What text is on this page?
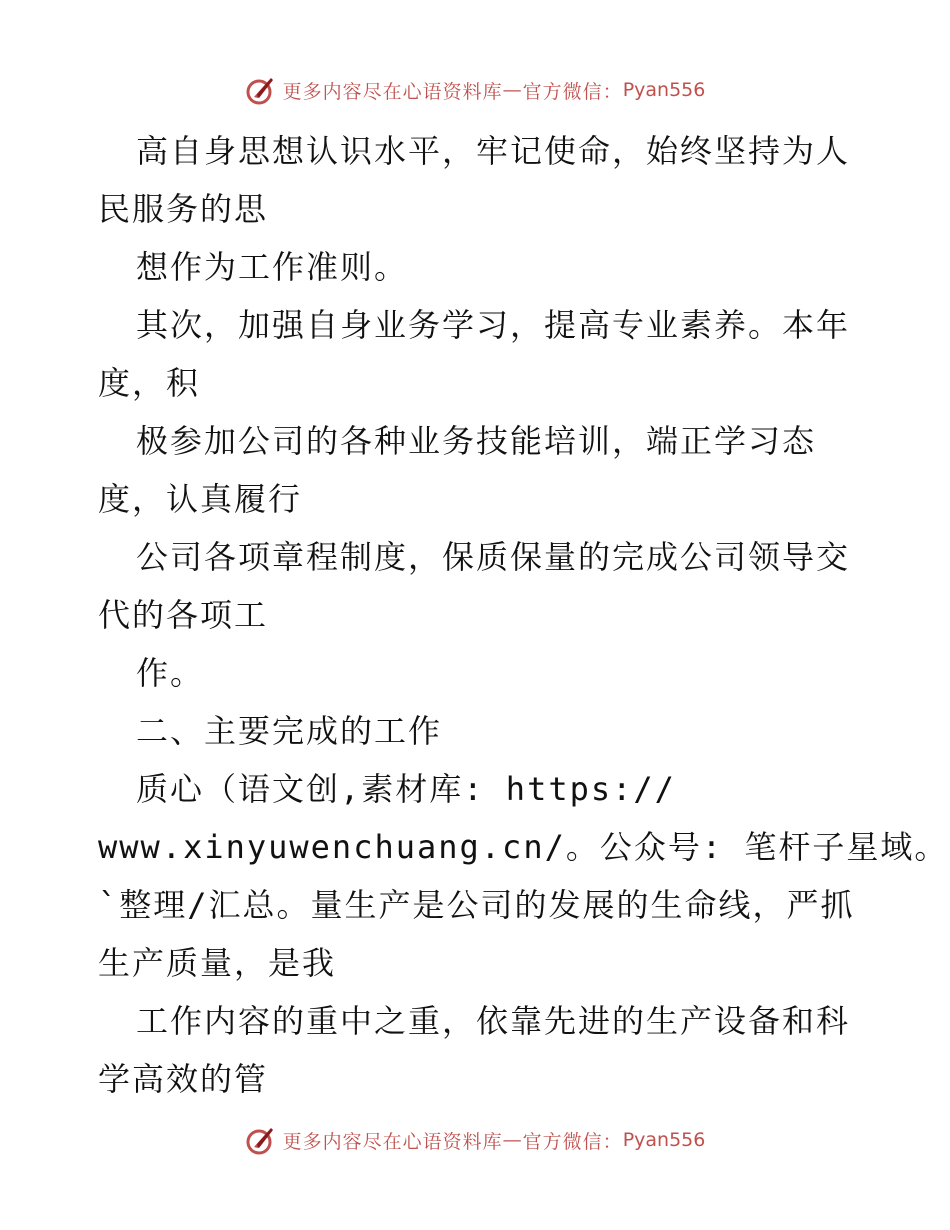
更多内容尽在心语资料库 — 官方微信： Pyan556
高自身思想认识水平，牢记使命，始终坚持为人
民服务的思
想作为工作准则。
其次，加强自身业务学习，提高专业素养。本年
度，积
极参加公司的各种业务技能培训，端正学习态
度，认真履行
公司各项章程制度，保质保量的完成公司领导交
代的各项工
作。
二、主要完成的工作
质心（语文创,素材库: https://
www.xinyuwenchuang.cn/。公众号: 笔杆子星域。
`整理/汇总。量生产是公司的发展的生命线，严抓
生产质量，是我
工作内容的重中之重，依靠先进的生产设备和科
学高效的管
更多内容尽在心语资料库 — 官方微信： Pyan556
